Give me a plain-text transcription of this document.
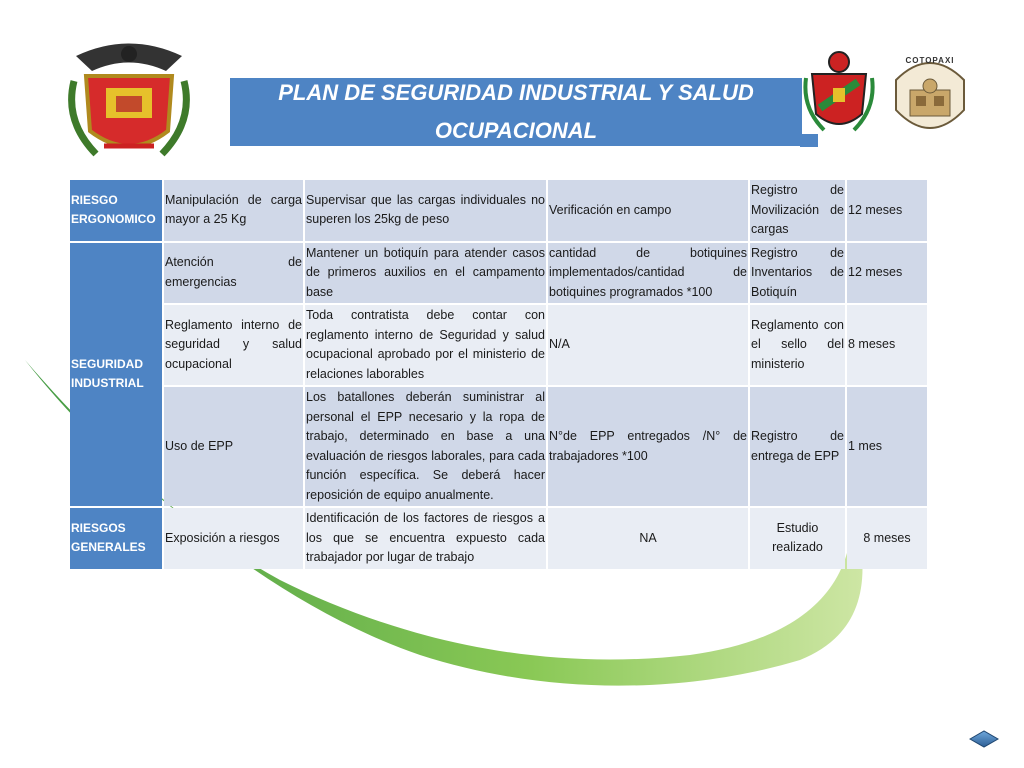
COTOPAXI
PLAN DE SEGURIDAD INDUSTRIAL Y SALUD OCUPACIONAL
RIESGO ERGONOMICO	Manipulación de carga mayor a 25 Kg	Supervisar que las cargas individuales no superen los 25kg de peso	Verificación en campo	Registro de Movilización de cargas	12 meses
SEGURIDAD INDUSTRIAL	Atención de emergencias	Mantener un botiquín para atender casos de primeros auxilios en el campamento base	cantidad de botiquines implementados/cantidad de botiquines programados *100	Registro de Inventarios de Botiquín	12 meses
	Reglamento interno de seguridad y salud ocupacional	Toda contratista debe contar con reglamento interno de Seguridad y salud ocupacional aprobado por el ministerio de relaciones laborables	N/A	Reglamento con el sello del ministerio	8 meses
	Uso de EPP	Los batallones deberán suministrar al personal el EPP necesario y la ropa de trabajo, determinado en base a una evaluación de riesgos laborales, para cada función específica. Se deberá hacer reposición de equipo anualmente.	N°de EPP entregados /N° de trabajadores *100	Registro de entrega de EPP	1 mes
RIESGOS GENERALES	Exposición a riesgos	Identificación de los factores de riesgos a los que se encuentra expuesto cada trabajador por lugar de trabajo	NA	Estudio realizado	8 meses
